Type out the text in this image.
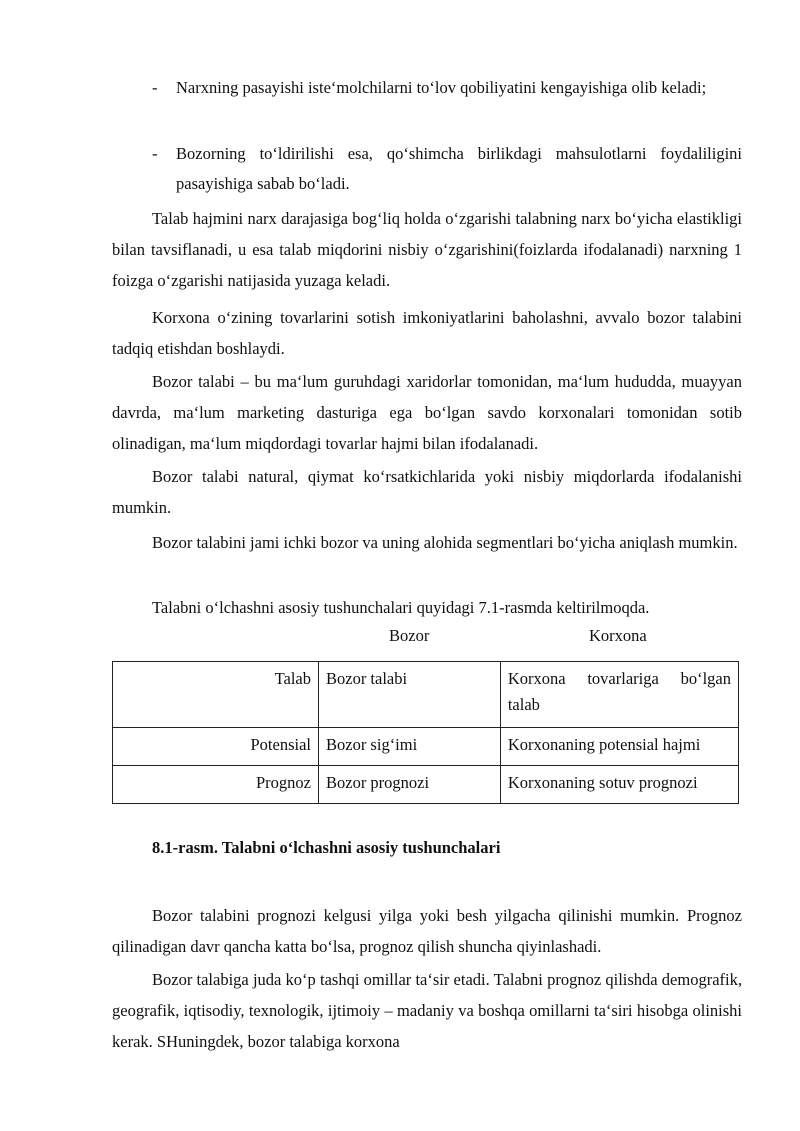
- Narxning pasayishi iste‘molchilarni to‘lov qobiliyatini kengayishiga olib keladi;
- Bozorning to‘ldirilishi esa, qo‘shimcha birlikdagi mahsulotlarni foydaliligini pasayishiga sabab bo‘ladi.

Talab hajmini narx darajasiga bog‘liq holda o‘zgarishi talabning narx bo‘yicha elastikligi bilan tavsiflanadi, u esa talab miqdorini nisbiy o‘zgarishini(foizlarda ifodalanadi) narxning 1 foizga o‘zgarishi natijasida yuzaga keladi.

Korxona o‘zining tovarlarini sotish imkoniyatlarini baholashni, avvalo bozor talabini tadqiq etishdan boshlaydi.

Bozor talabi – bu ma‘lum guruhdagi xaridorlar tomonidan, ma‘lum hududda, muayyan davrda, ma‘lum marketing dasturiga ega bo‘lgan savdo korxonalari tomonidan sotib olinadigan, ma‘lum miqdordagi tovarlar hajmi bilan ifodalanadi.

Bozor talabi natural, qiymat ko‘rsatkichlarida yoki nisbiy miqdorlarda ifodalanishi mumkin.

Bozor talabini jami ichki bozor va uning alohida segmentlari bo‘yicha aniqlash mumkin.

Talabni o‘lchashni asosiy tushunchalari quyidagi 7.1-rasmda keltirilmoqda.

Bozor	Korxona
Talab	Bozor talabi	Korxona tovarlariga bo‘lgan talab
Potensial	Bozor sig‘imi	Korxonaning potensial hajmi
Prognoz	Bozor prognozi	Korxonaning sotuv prognozi
8.1-rasm. Talabni o‘lchashni asosiy tushunchalari

Bozor talabini prognozi kelgusi yilga yoki besh yilgacha qilinishi mumkin. Prognoz qilinadigan davr qancha katta bo‘lsa, prognoz qilish shuncha qiyinlashadi.

Bozor talabiga juda ko‘p tashqi omillar ta‘sir etadi. Talabni prognoz qilishda demografik, geografik, iqtisodiy, texnologik, ijtimoiy – madaniy va boshqa omillarni ta‘siri hisobga olinishi kerak. SHuningdek, bozor talabiga korxona
